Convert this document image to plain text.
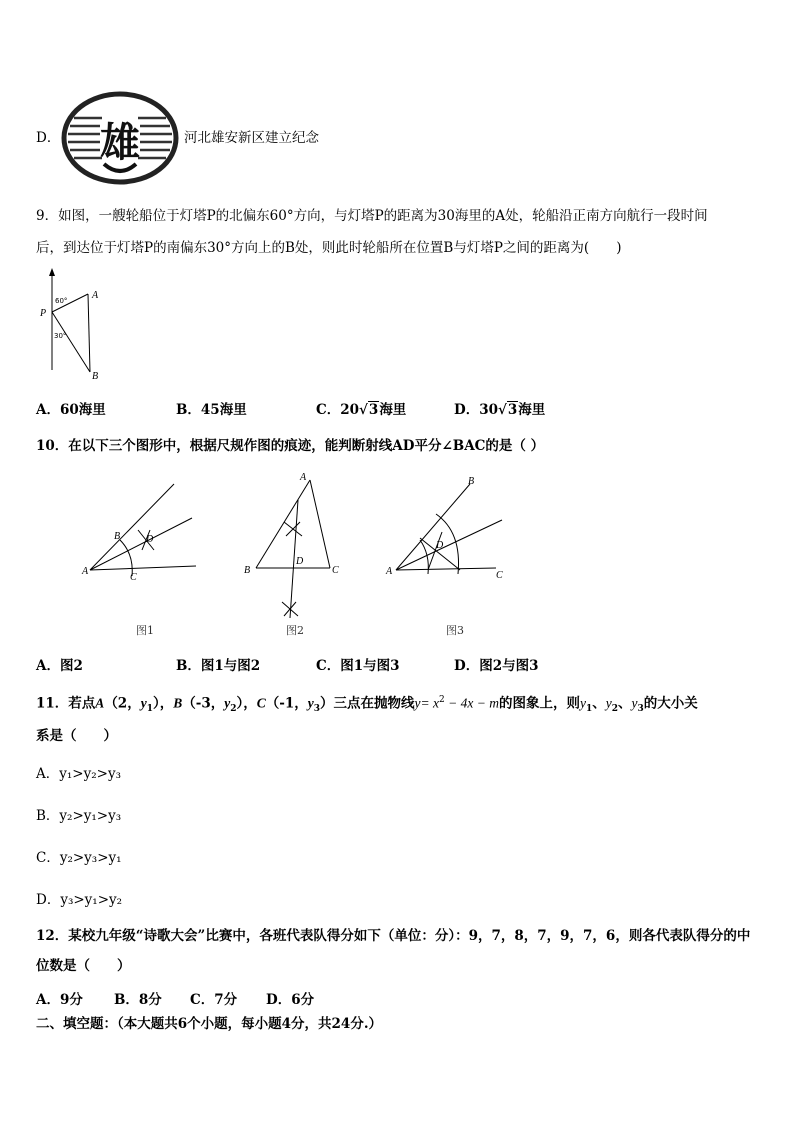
D． 雄	河北雄安新区建立纪念
9．如图，一艘轮船位于灯塔P的北偏东60°方向，与灯塔P的距离为30海里的A处，轮船沿正南方向航行一段时间
后，到达位于灯塔P的南偏东30°方向上的B处，则此时轮船所在位置B与灯塔P之间的距离为(　　)
P
A
B
60°
30°
A．60海里	B．45海里	C．20√3海里	D．30√3海里
10．在以下三个图形中，根据尺规作图的痕迹，能判断射线AD平分∠BAC的是（ ）
A
B
C
D
图1
A
B	C
D
图2
A
B
C
D
图3
A．图2	B．图1与图2	C．图1与图3	D．图2与图3
11．若点A（2，$y_1$），B（-3，$y_2$），C（-1，$y_3$）三点在抛物线$y= x^2 - 4x - m$的图象上，则$y_1$、$y_2$、$y_3$的大小关
系是（　　）
A．y₁>y₂>y₃
B．y₂>y₁>y₃
C．y₂>y₃>y₁
D．y₃>y₁>y₂
12．某校九年级“诗歌大会”比赛中，各班代表队得分如下（单位：分）：9，7，8，7，9，7，6，则各代表队得分的中
位数是（　　）
A．9分 B．8分 C．7分 D．6分
二、填空题：（本大题共6个小题，每小题4分，共24分.）
